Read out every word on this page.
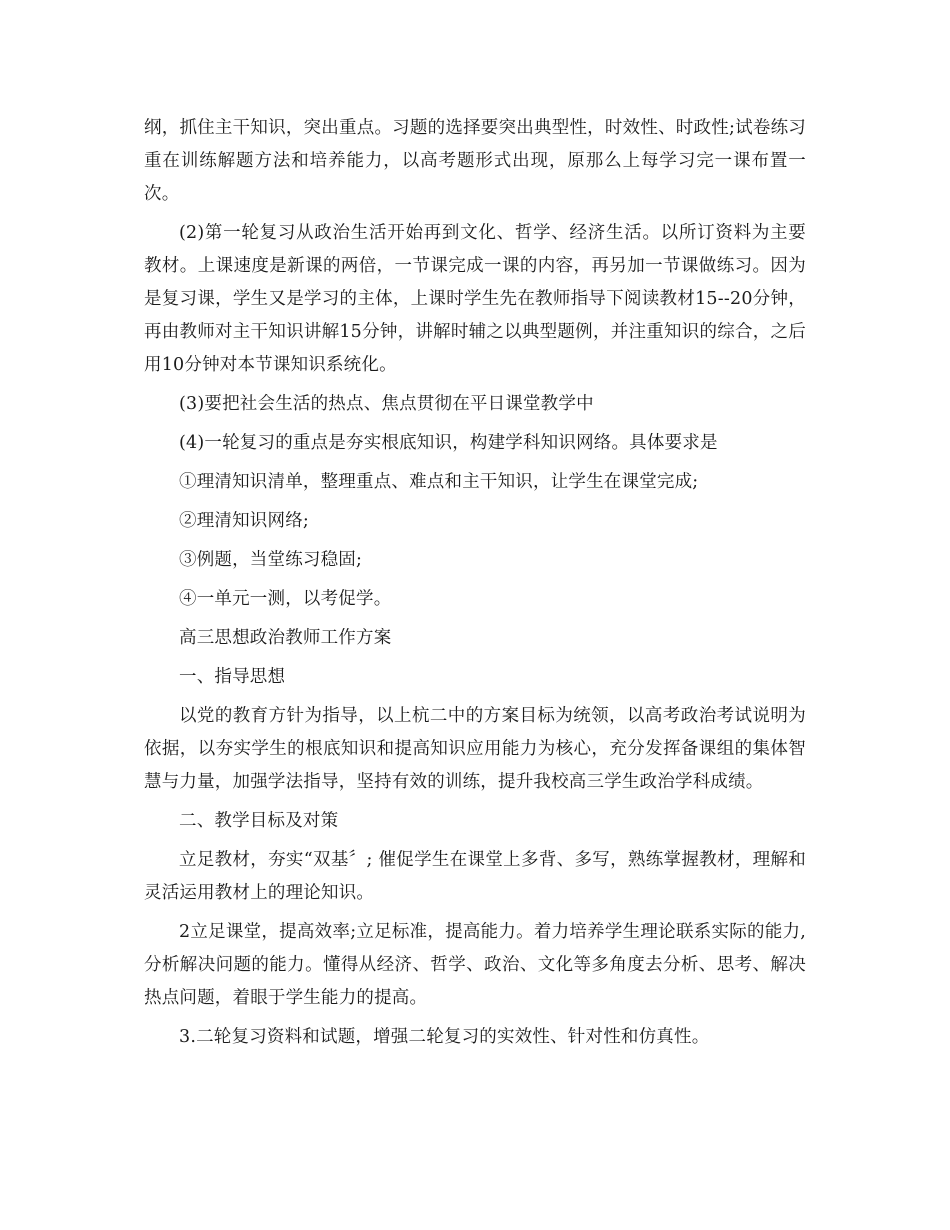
纲，抓住主干知识，突出重点。习题的选择要突出典型性，时效性、时政性;试卷练习重在训练解题方法和培养能力，以高考题形式出现，原那么上每学习完一课布置一次。

(2)第一轮复习从政治生活开始再到文化、哲学、经济生活。以所订资料为主要教材。上课速度是新课的两倍，一节课完成一课的内容，再另加一节课做练习。因为是复习课，学生又是学习的主体，上课时学生先在教师指导下阅读教材15--20分钟，再由教师对主干知识讲解15分钟，讲解时辅之以典型题例，并注重知识的综合，之后用10分钟对本节课知识系统化。

(3)要把社会生活的热点、焦点贯彻在平日课堂教学中

(4)一轮复习的重点是夯实根底知识，构建学科知识网络。具体要求是

①理清知识清单，整理重点、难点和主干知识，让学生在课堂完成;

②理清知识网络;

③例题，当堂练习稳固;

④一单元一测，以考促学。

高三思想政治教师工作方案

一、指导思想

以党的教育方针为指导，以上杭二中的方案目标为统领，以高考政治考试说明为依据，以夯实学生的根底知识和提高知识应用能力为核心，充分发挥备课组的集体智慧与力量，加强学法指导，坚持有效的训练，提升我校高三学生政治学科成绩。

二、教学目标及对策

立足教材，夯实“双基〞; 催促学生在课堂上多背、多写，熟练掌握教材，理解和灵活运用教材上的理论知识。

2立足课堂，提高效率;立足标准，提高能力。着力培养学生理论联系实际的能力,分析解决问题的能力。懂得从经济、哲学、政治、文化等多角度去分析、思考、解决热点问题，着眼于学生能力的提高。

3.二轮复习资料和试题，增强二轮复习的实效性、针对性和仿真性。
